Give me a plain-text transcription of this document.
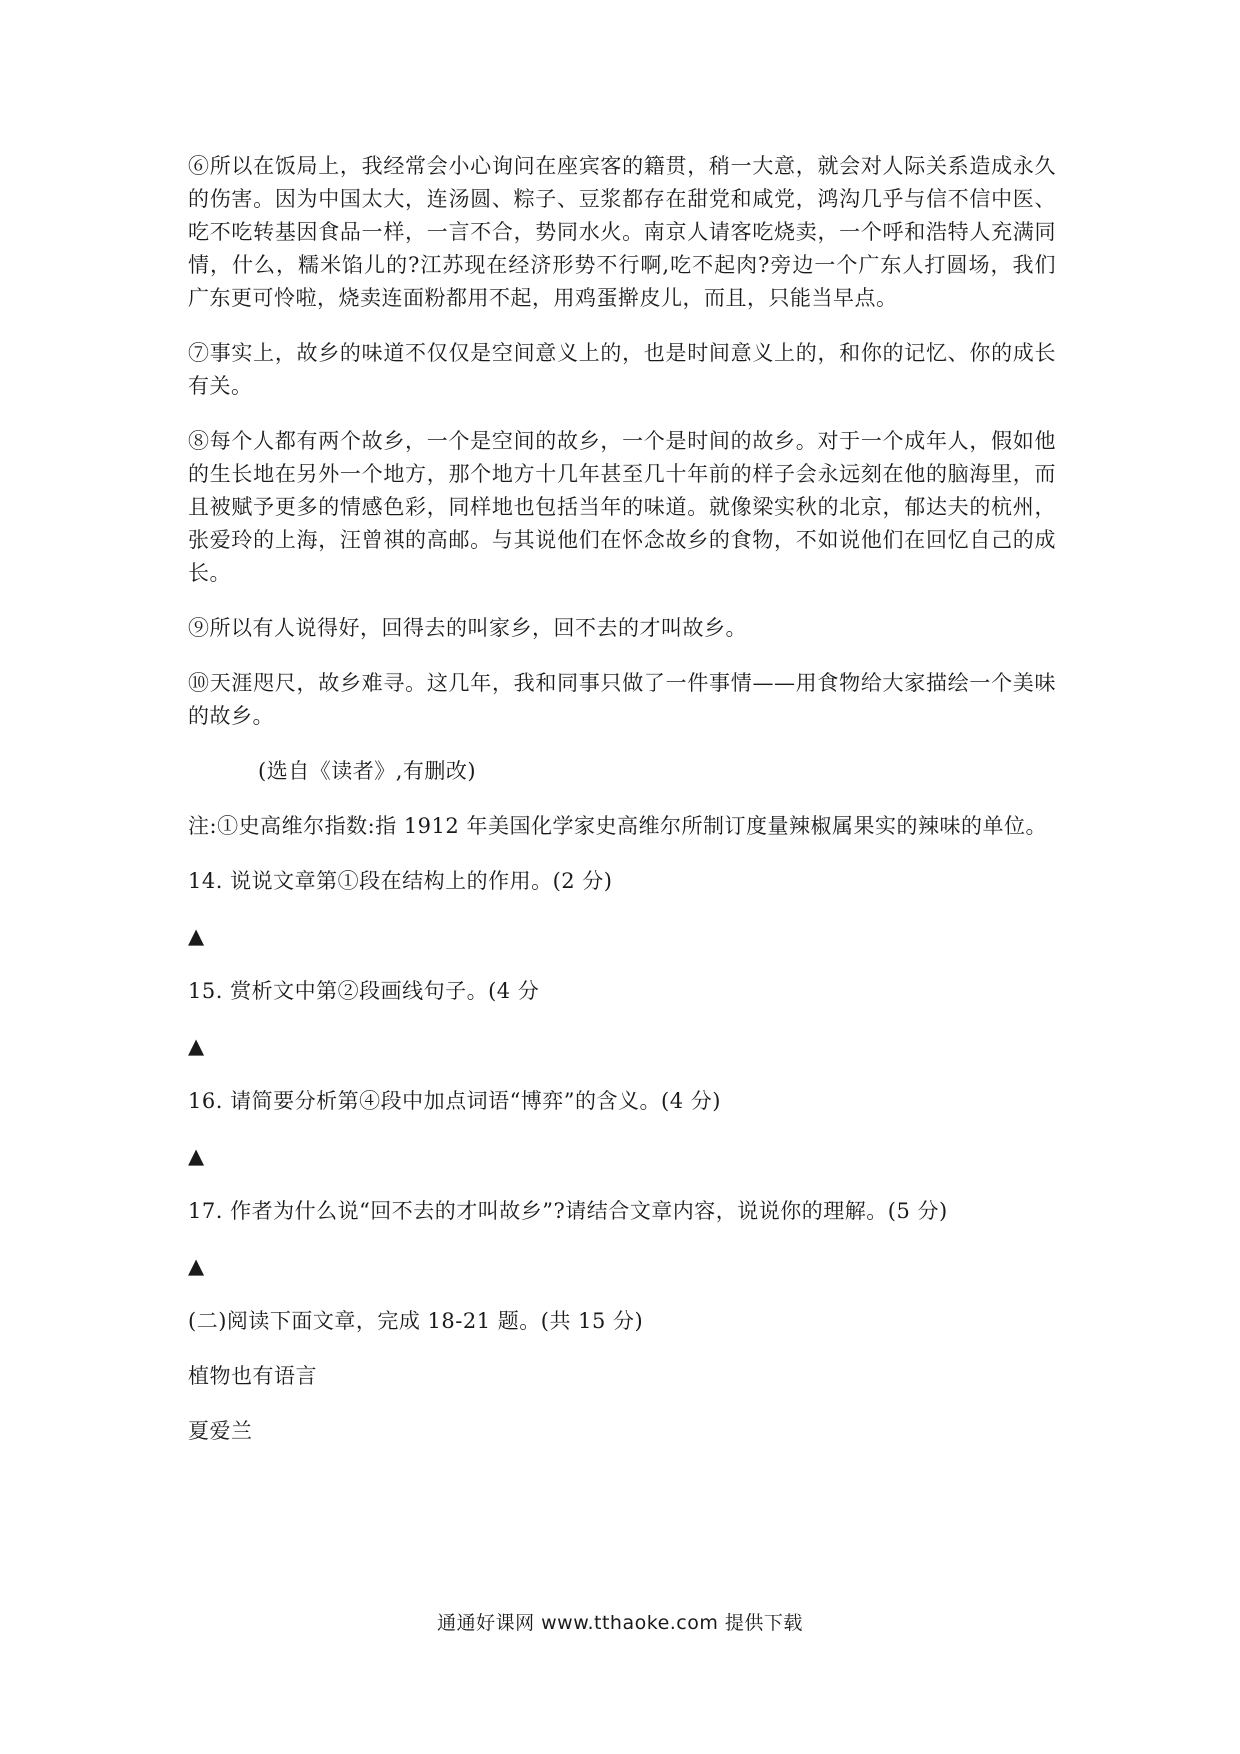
⑥所以在饭局上，我经常会小心询问在座宾客的籍贯，稍一大意，就会对人际关系造成永久的伤害。因为中国太大，连汤圆、粽子、豆浆都存在甜党和咸党，鸿沟几乎与信不信中医、吃不吃转基因食品一样，一言不合，势同水火。南京人请客吃烧卖，一个呼和浩特人充满同情，什么，糯米馅儿的?江苏现在经济形势不行啊,吃不起肉?旁边一个广东人打圆场，我们广东更可怜啦，烧卖连面粉都用不起，用鸡蛋擀皮儿，而且，只能当早点。

⑦事实上，故乡的味道不仅仅是空间意义上的，也是时间意义上的，和你的记忆、你的成长有关。

⑧每个人都有两个故乡，一个是空间的故乡，一个是时间的故乡。对于一个成年人，假如他的生长地在另外一个地方，那个地方十几年甚至几十年前的样子会永远刻在他的脑海里，而且被赋予更多的情感色彩，同样地也包括当年的味道。就像梁实秋的北京，郁达夫的杭州，张爱玲的上海，汪曾祺的高邮。与其说他们在怀念故乡的食物，不如说他们在回忆自己的成长。

⑨所以有人说得好，回得去的叫家乡，回不去的才叫故乡。

⑩天涯咫尺，故乡难寻。这几年，我和同事只做了一件事情——用食物给大家描绘一个美味的故乡。

(选自《读者》,有删改)

注:①史高维尔指数:指 1912 年美国化学家史高维尔所制订度量辣椒属果实的辣味的单位。

14. 说说文章第①段在结构上的作用。(2 分)

▲

15. 赏析文中第②段画线句子。(4 分

▲

16. 请简要分析第④段中加点词语“博弈”的含义。(4 分)

▲

17. 作者为什么说“回不去的才叫故乡”?请结合文章内容，说说你的理解。(5 分)

▲

(二)阅读下面文章，完成 18-21 题。(共 15 分)

植物也有语言

夏爱兰

通通好课网 www.tthaoke.com 提供下载
